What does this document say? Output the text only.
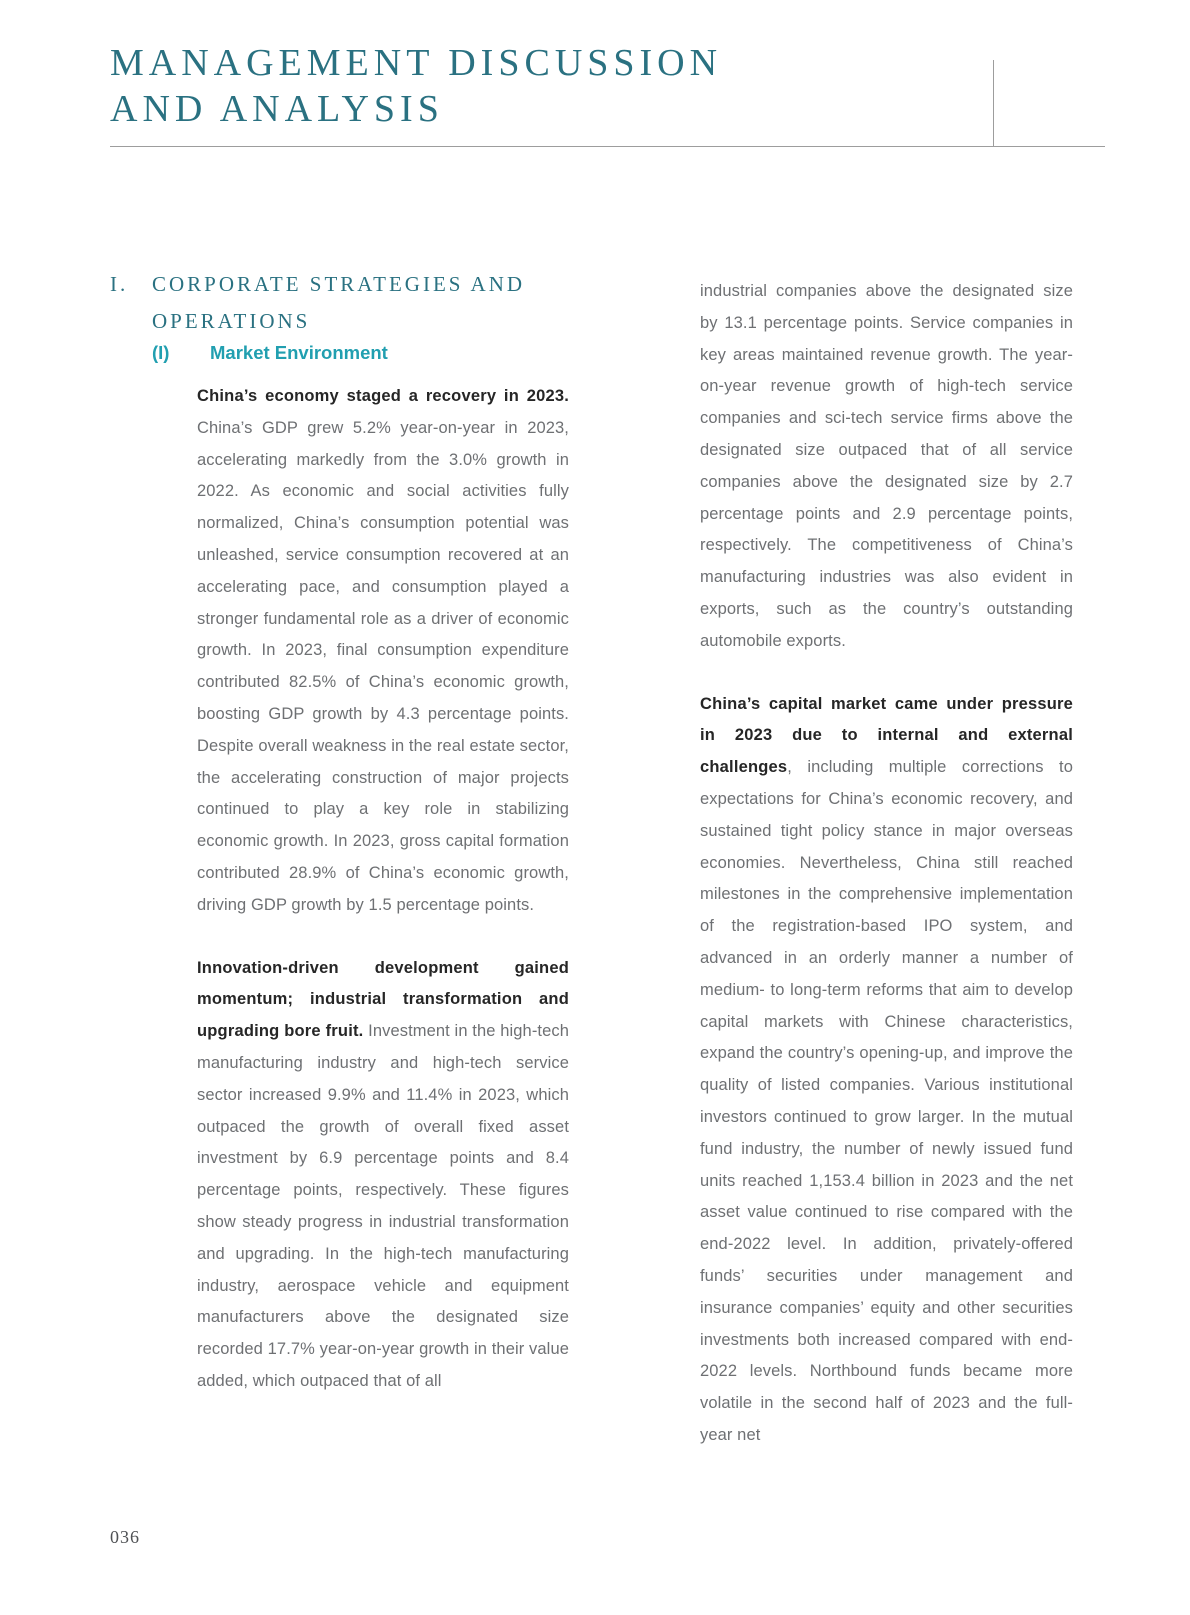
MANAGEMENT DISCUSSION
AND ANALYSIS
I.	CORPORATE STRATEGIES AND
OPERATIONS
(I)	Market Environment

China’s economy staged a recovery in 2023. China’s GDP grew 5.2% year-on-year in 2023, accelerating markedly from the 3.0% growth in 2022. As economic and social activities fully normalized, China’s consumption potential was unleashed, service consumption recovered at an accelerating pace, and consumption played a stronger fundamental role as a driver of economic growth. In 2023, final consumption expenditure contributed 82.5% of China’s economic growth, boosting GDP growth by 4.3 percentage points. Despite overall weakness in the real estate sector, the accelerating construction of major projects continued to play a key role in stabilizing economic growth. In 2023, gross capital formation contributed 28.9% of China’s economic growth, driving GDP growth by 1.5 percentage points.

Innovation-driven development gained momentum; industrial transformation and upgrading bore fruit. Investment in the high-tech manufacturing industry and high-tech service sector increased 9.9% and 11.4% in 2023, which outpaced the growth of overall fixed asset investment by 6.9 percentage points and 8.4 percentage points, respectively. These figures show steady progress in industrial transformation and upgrading. In the high-tech manufacturing industry, aerospace vehicle and equipment manufacturers above the designated size recorded 17.7% year-on-year growth in their value added, which outpaced that of all

industrial companies above the designated size by 13.1 percentage points. Service companies in key areas maintained revenue growth. The year-on-year revenue growth of high-tech service companies and sci-tech service firms above the designated size outpaced that of all service companies above the designated size by 2.7 percentage points and 2.9 percentage points, respectively. The competitiveness of China’s manufacturing industries was also evident in exports, such as the country’s outstanding automobile exports.

China’s capital market came under pressure in 2023 due to internal and external challenges, including multiple corrections to expectations for China’s economic recovery, and sustained tight policy stance in major overseas economies. Nevertheless, China still reached milestones in the comprehensive implementation of the registration-based IPO system, and advanced in an orderly manner a number of medium- to long-term reforms that aim to develop capital markets with Chinese characteristics, expand the country’s opening-up, and improve the quality of listed companies. Various institutional investors continued to grow larger. In the mutual fund industry, the number of newly issued fund units reached 1,153.4 billion in 2023 and the net asset value continued to rise compared with the end-2022 level. In addition, privately-offered funds’ securities under management and insurance companies’ equity and other securities investments both increased compared with end-2022 levels. Northbound funds became more volatile in the second half of 2023 and the full-year net

036
